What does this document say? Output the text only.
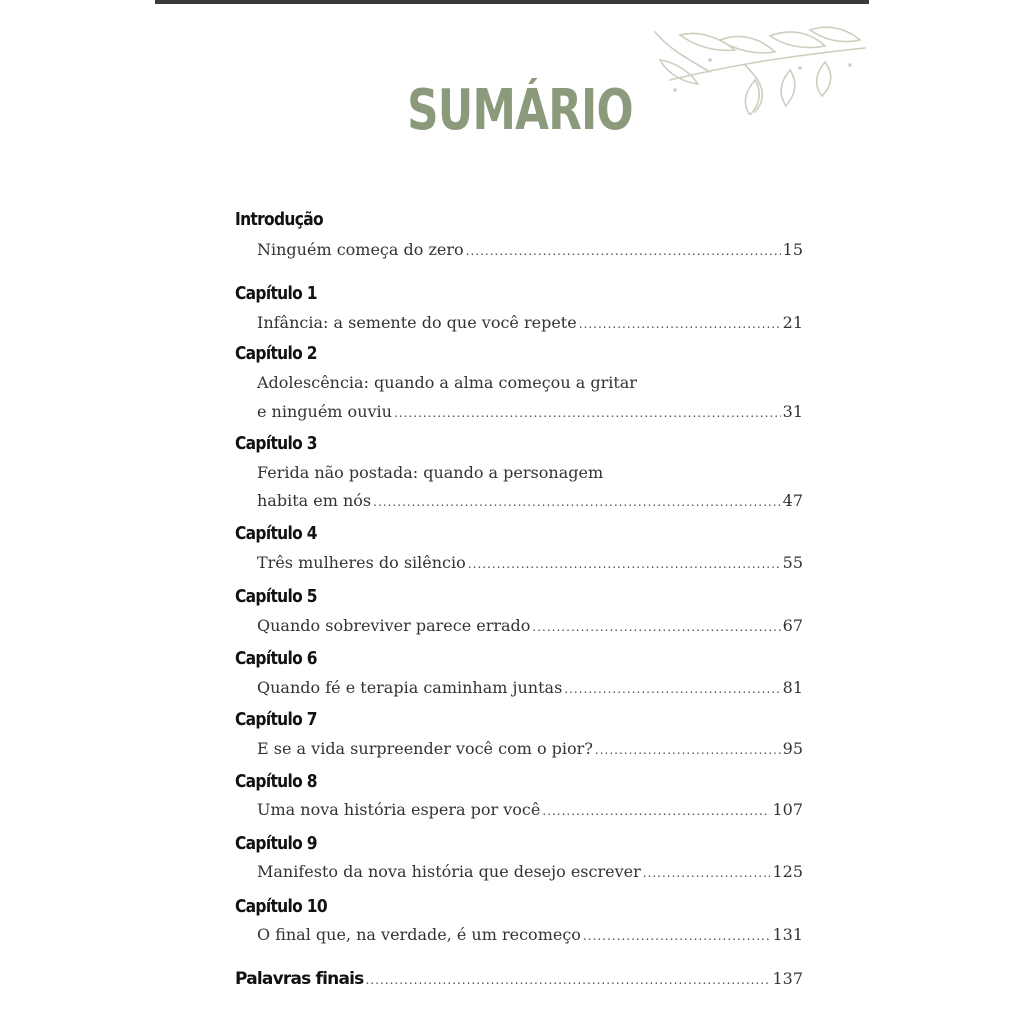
SUMÁRIO
Introdução
Ninguém começa do zero .....	15
Capítulo 1
Infância: a semente do que você repete .....	21
Capítulo 2
Adolescência: quando a alma começou a gritar
e ninguém ouviu .....	31
Capítulo 3
Ferida não postada: quando a personagem
habita em nós .....	47
Capítulo 4
Três mulheres do silêncio .....	55
Capítulo 5
Quando sobreviver parece errado .....	67
Capítulo 6
Quando fé e terapia caminham juntas .....	81
Capítulo 7
E se a vida surpreender você com o pior? .....	95
Capítulo 8
Uma nova história espera por você .....	107
Capítulo 9
Manifesto da nova história que desejo escrever .....	125
Capítulo 10
O final que, na verdade, é um recomeço .....	131
Palavras finais .....	137
